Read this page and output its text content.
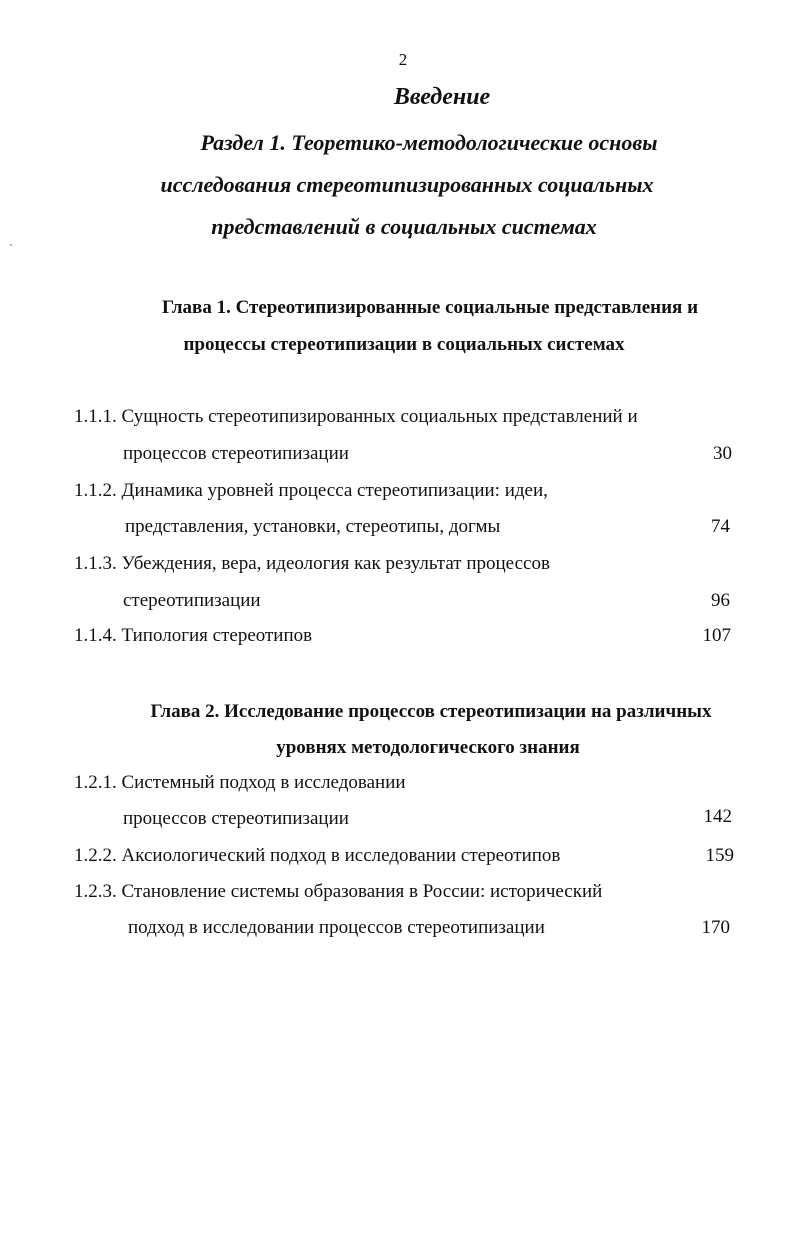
2
Введение
Раздел 1. Теоретико-методологические основы
исследования стереотипизированных социальных
представлений в социальных системах
Глава 1. Стереотипизированные социальные представления и
процессы стереотипизации в социальных системах
1.1.1. Сущность стереотипизированных социальных представлений и
процессов стереотипизации	30
1.1.2. Динамика уровней процесса стереотипизации: идеи,
представления, установки, стереотипы, догмы	74
1.1.3. Убеждения, вера, идеология как результат процессов
стереотипизации	96
1.1.4. Типология стереотипов	107
Глава 2. Исследование процессов стереотипизации на различных
уровнях методологического знания
1.2.1. Системный подход в исследовании
процессов стереотипизации	142
1.2.2. Аксиологический подход в исследовании стереотипов	159
1.2.3. Становление системы образования в России: исторический
подход в исследовании процессов стереотипизации	170
